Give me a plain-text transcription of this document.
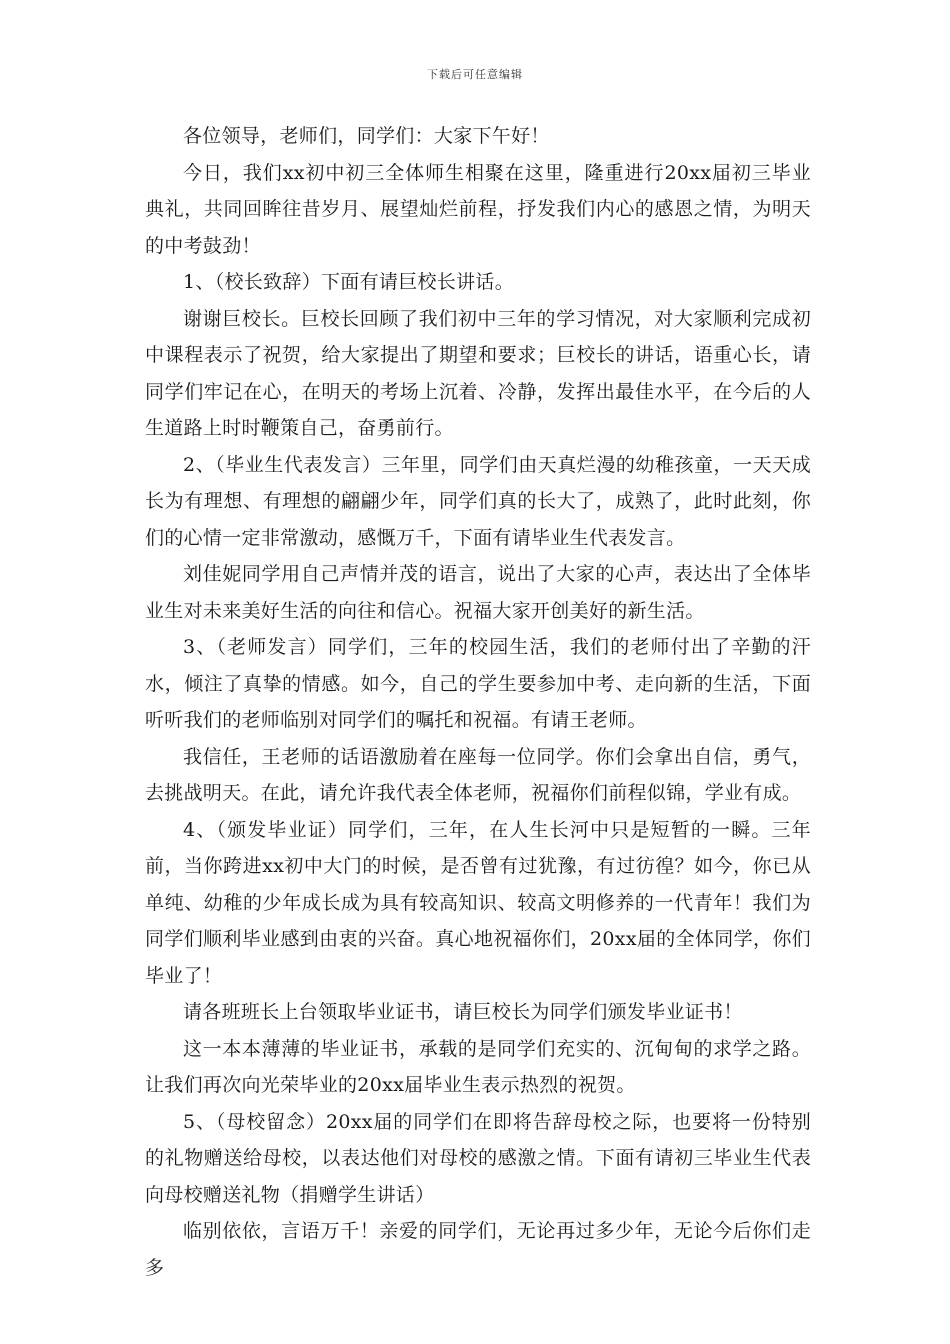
下载后可任意编辑

各位领导，老师们，同学们：大家下午好！

今日，我们xx初中初三全体师生相聚在这里，隆重进行20xx届初三毕业典礼，共同回眸往昔岁月、展望灿烂前程，抒发我们内心的感恩之情，为明天的中考鼓劲！

1、（校长致辞）下面有请巨校长讲话。

谢谢巨校长。巨校长回顾了我们初中三年的学习情况，对大家顺利完成初中课程表示了祝贺，给大家提出了期望和要求；巨校长的讲话，语重心长，请同学们牢记在心，在明天的考场上沉着、冷静，发挥出最佳水平，在今后的人生道路上时时鞭策自己，奋勇前行。

2、（毕业生代表发言）三年里，同学们由天真烂漫的幼稚孩童，一天天成长为有理想、有理想的翩翩少年，同学们真的长大了，成熟了，此时此刻，你们的心情一定非常激动，感慨万千，下面有请毕业生代表发言。

刘佳妮同学用自己声情并茂的语言，说出了大家的心声，表达出了全体毕业生对未来美好生活的向往和信心。祝福大家开创美好的新生活。

3、（老师发言）同学们，三年的校园生活，我们的老师付出了辛勤的汗水，倾注了真挚的情感。如今，自己的学生要参加中考、走向新的生活，下面听听我们的老师临别对同学们的嘱托和祝福。有请王老师。

我信任，王老师的话语激励着在座每一位同学。你们会拿出自信，勇气，去挑战明天。在此，请允许我代表全体老师，祝福你们前程似锦，学业有成。

4、（颁发毕业证）同学们，三年，在人生长河中只是短暂的一瞬。三年前，当你跨进xx初中大门的时候，是否曾有过犹豫，有过彷徨？如今，你已从单纯、幼稚的少年成长成为具有较高知识、较高文明修养的一代青年！我们为同学们顺利毕业感到由衷的兴奋。真心地祝福你们，20xx届的全体同学，你们毕业了！

请各班班长上台领取毕业证书，请巨校长为同学们颁发毕业证书！

这一本本薄薄的毕业证书，承载的是同学们充实的、沉甸甸的求学之路。让我们再次向光荣毕业的20xx届毕业生表示热烈的祝贺。

5、（母校留念）20xx届的同学们在即将告辞母校之际，也要将一份特别的礼物赠送给母校，以表达他们对母校的感激之情。下面有请初三毕业生代表向母校赠送礼物（捐赠学生讲话）

临别依依，言语万千！亲爱的同学们，无论再过多少年，无论今后你们走多
